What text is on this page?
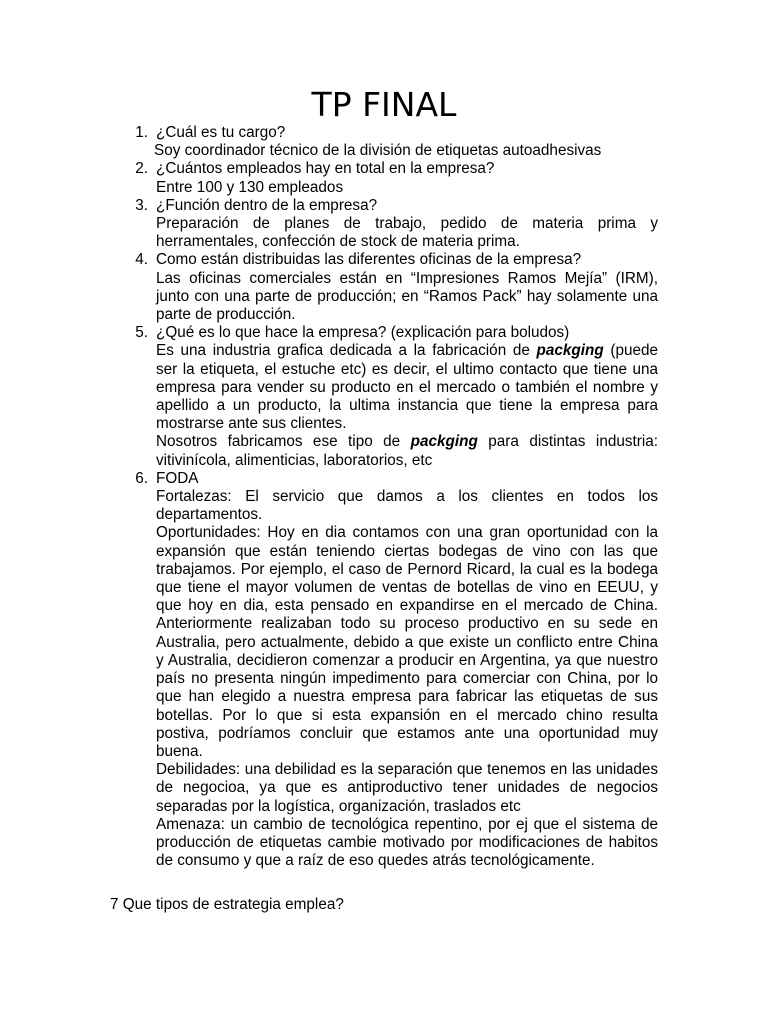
TP FINAL
1. ¿Cuál es tu cargo?
Soy coordinador técnico de la división de etiquetas autoadhesivas
2. ¿Cuántos empleados hay en total en la empresa?
Entre 100 y 130 empleados
3. ¿Función dentro de la empresa?
Preparación de planes de trabajo, pedido de materia prima y herramentales, confección de stock de materia prima.
4. Como están distribuidas las diferentes oficinas de la empresa?
Las oficinas comerciales están en “Impresiones Ramos Mejía” (IRM), junto con una parte de producción; en “Ramos Pack” hay solamente una parte de producción.
5. ¿Qué es lo que hace la empresa? (explicación para boludos)
Es una industria grafica dedicada a la fabricación de packging (puede ser la etiqueta, el estuche etc) es decir, el ultimo contacto que tiene una empresa para vender su producto en el mercado o también el nombre y apellido a un producto, la ultima instancia que tiene la empresa para mostrarse ante sus clientes.
Nosotros fabricamos ese tipo de packging para distintas industria: vitivinícola, alimenticias, laboratorios, etc
6. FODA
Fortalezas: El servicio que damos a los clientes en todos los departamentos.
Oportunidades: Hoy en dia contamos con una gran oportunidad con la expansión que están teniendo ciertas bodegas de vino con las que trabajamos. Por ejemplo, el caso de Pernord Ricard, la cual es la bodega que tiene el mayor volumen de ventas de botellas de vino en EEUU, y que hoy en dia, esta pensado en expandirse en el mercado de China. Anteriormente realizaban todo su proceso productivo en su sede en Australia, pero actualmente, debido a que existe un conflicto entre China y Australia, decidieron comenzar a producir en Argentina, ya que nuestro país no presenta ningún impedimento para comerciar con China, por lo que han elegido a nuestra empresa para fabricar las etiquetas de sus botellas. Por lo que si esta expansión en el mercado chino resulta postiva, podríamos concluir que estamos ante una oportunidad muy buena.
Debilidades: una debilidad es la separación que tenemos en las unidades de negocioa, ya que es antiproductivo tener unidades de negocios separadas por la logística, organización, traslados etc
Amenaza: un cambio de tecnológica repentino, por ej que el sistema de producción de etiquetas cambie motivado por modificaciones de habitos de consumo y que a raíz de eso quedes atrás tecnológicamente.

7 Que tipos de estrategia emplea?
